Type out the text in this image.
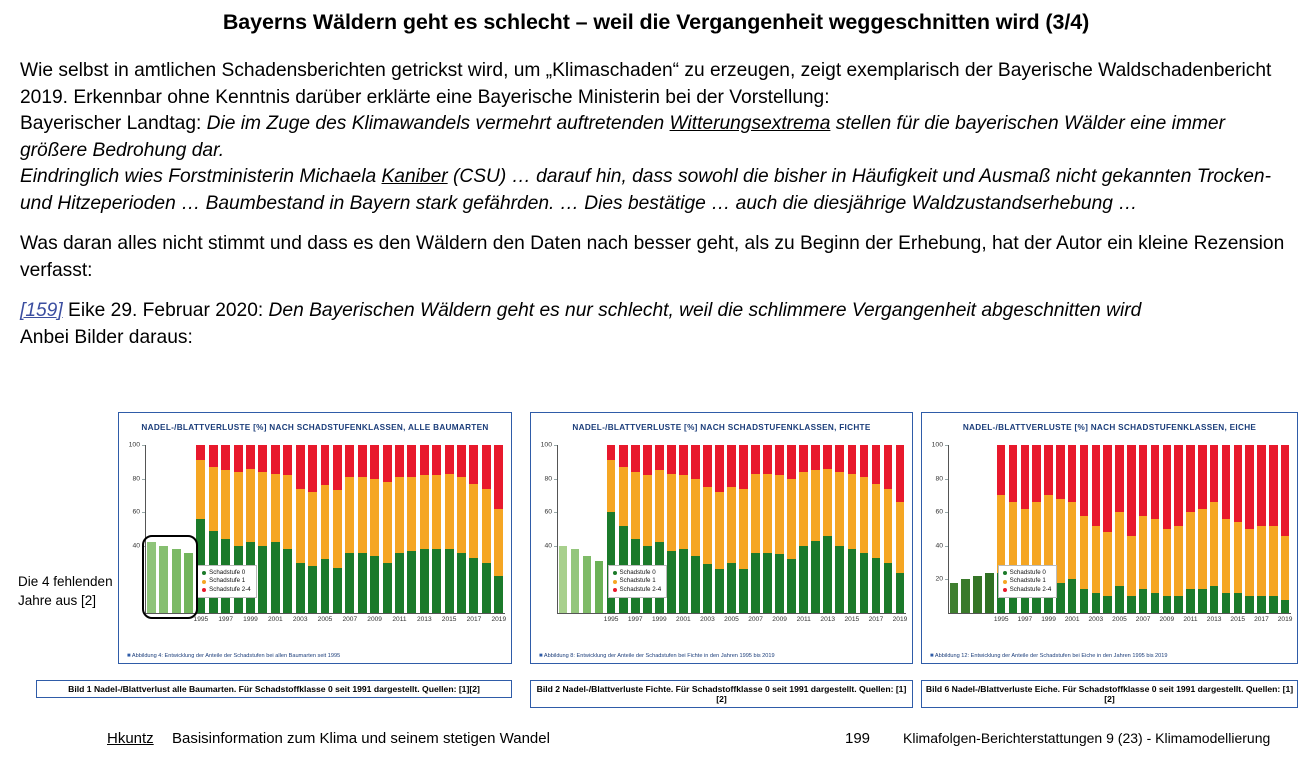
Bayerns Wäldern geht es schlecht – weil die Vergangenheit weggeschnitten wird (3/4)

Wie selbst in amtlichen Schadensberichten getrickst wird, um „Klimaschaden“ zu erzeugen, zeigt exemplarisch der Bayerische Waldschadenbericht 2019. Erkennbar ohne Kenntnis darüber erklärte eine Bayerische Ministerin bei der Vorstellung:
Bayerischer Landtag: Die im Zuge des Klimawandels vermehrt auftretenden Witterungsextrema stellen für die bayerischen Wälder eine immer größere Bedrohung dar.
Eindringlich wies Forstministerin Michaela Kaniber (CSU) … darauf hin, dass sowohl die bisher in Häufigkeit und Ausmaß nicht gekannten Trocken- und Hitzeperioden … Baumbestand in Bayern stark gefährden. … Dies bestätige … auch die diesjährige Waldzustandserhebung …

Was daran alles nicht stimmt und dass es den Wäldern den Daten nach besser geht, als zu Beginn der Erhebung, hat der Autor ein kleine Rezension verfasst:

[159] Eike 29. Februar 2020: Den Bayerischen Wäldern geht es nur schlecht, weil die schlimmere Vergangenheit abgeschnitten wird
Anbei Bilder daraus:

Die 4 fehlenden Jahre aus [2]
NADEL-/BLATTVERLUSTE [%] NACH SCHADSTUFENKLASSEN, ALLE BAUMARTEN
40
60
80
100
1995 1997 1999 2001 2003 2005 2007 2009 2011 2013 2015 2017 2019
Schadstufe 0
Schadstufe 1
Schadstufe 2-4
■ Abbildung 4: Entwicklung der Anteile der Schadstufen bei allen Baumarten seit 1995
NADEL-/BLATTVERLUSTE [%] NACH SCHADSTUFENKLASSEN, FICHTE
40
60
80
100
1995 1997 1999 2001 2003 2005 2007 2009 2011 2013 2015 2017 2019
Schadstufe 0
Schadstufe 1
Schadstufe 2-4
■ Abbildung 8: Entwicklung der Anteile der Schadstufen bei Fichte in den Jahren 1995 bis 2019
NADEL-/BLATTVERLUSTE [%] NACH SCHADSTUFENKLASSEN, EICHE
20
40
60
80
100
1995 1997 1999 2001 2003 2005 2007 2009 2011 2013 2015 2017 2019
Schadstufe 0
Schadstufe 1
Schadstufe 2-4
■ Abbildung 12: Entwicklung der Anteile der Schadstufen bei Eiche in den Jahren 1995 bis 2019
Bild 1 Nadel-/Blattverlust alle Baumarten. Für Schadstoffklasse 0 seit 1991 dargestellt. Quellen: [1][2]	Bild 2 Nadel-/Blattverluste Fichte. Für Schadstoffklasse 0 seit 1991 dargestellt. Quellen: [1][2]
Bild 6 Nadel-/Blattverluste Eiche. Für Schadstoffklasse 0 seit 1991 dargestellt. Quellen: [1][2]
Hkuntz Basisinformation zum Klima und seinem stetigen Wandel	199 Klimafolgen-Berichterstattungen 9 (23) - Klimamodellierung
